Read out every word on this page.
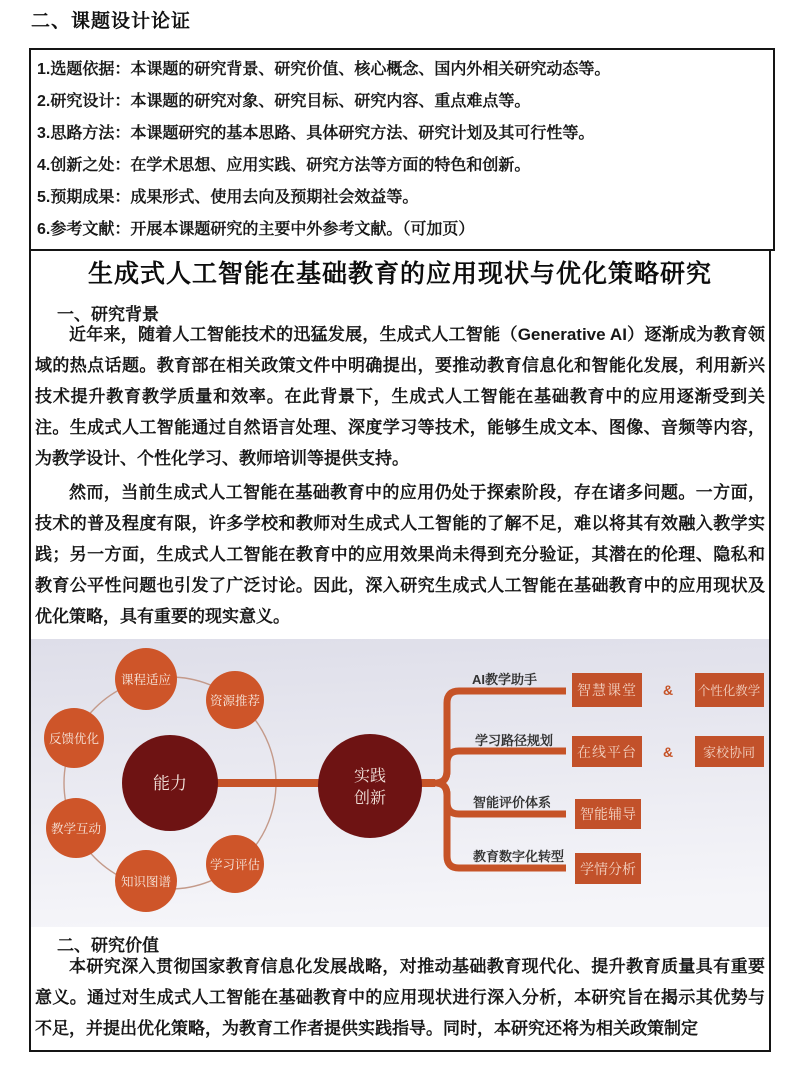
二、课题设计论证

1.选题依据：本课题的研究背景、研究价值、核心概念、国内外相关研究动态等。

2.研究设计：本课题的研究对象、研究目标、研究内容、重点难点等。

3.思路方法：本课题研究的基本思路、具体研究方法、研究计划及其可行性等。

4.创新之处：在学术思想、应用实践、研究方法等方面的特色和创新。

5.预期成果：成果形式、使用去向及预期社会效益等。

6.参考文献：开展本课题研究的主要中外参考文献。（可加页）

生成式人工智能在基础教育的应用现状与优化策略研究
一、研究背景

近年来，随着人工智能技术的迅猛发展，生成式人工智能（Generative AI）逐渐成为教育领域的热点话题。教育部在相关政策文件中明确提出，要推动教育信息化和智能化发展，利用新兴技术提升教育教学质量和效率。在此背景下，生成式人工智能在基础教育中的应用逐渐受到关注。生成式人工智能通过自然语言处理、深度学习等技术，能够生成文本、图像、音频等内容，为教学设计、个性化学习、教师培训等提供支持。

然而，当前生成式人工智能在基础教育中的应用仍处于探索阶段，存在诸多问题。一方面，技术的普及程度有限，许多学校和教师对生成式人工智能的了解不足，难以将其有效融入教学实践；另一方面，生成式人工智能在教育中的应用效果尚未得到充分验证，其潜在的伦理、隐私和教育公平性问题也引发了广泛讨论。因此，深入研究生成式人工智能在基础教育中的应用现状及优化策略，具有重要的现实意义。

能力	实践
创新
课程适应
资源推荐
反馈优化
教学互动
知识图谱
学习评估
AI教学助手
学习路径规划
智能评价体系
教育数字化转型
智慧课堂 & 个性化教学
在线平台 & 家校协同
智能辅导
学情分析
二、研究价值

本研究深入贯彻国家教育信息化发展战略，对推动基础教育现代化、提升教育质量具有重要意义。通过对生成式人工智能在基础教育中的应用现状进行深入分析，本研究旨在揭示其优势与不足，并提出优化策略，为教育工作者提供实践指导。同时，本研究还将为相关政策制定
